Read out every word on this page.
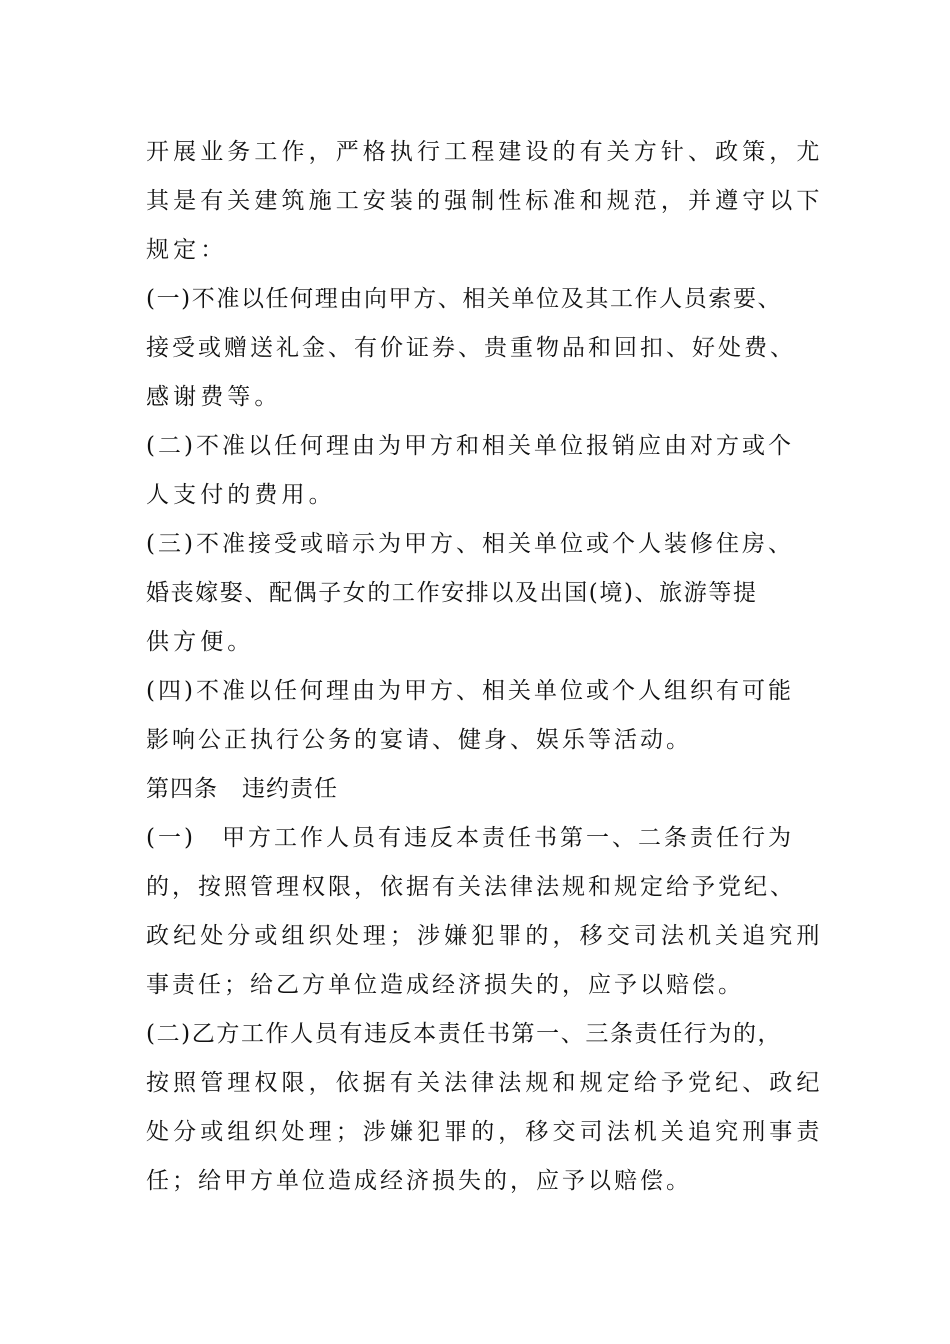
开展业务工作，严格执行工程建设的有关方针、政策，尤
其是有关建筑施工安装的强制性标准和规范，并遵守以下
规定：
(一)不准以任何理由向甲方、相关单位及其工作人员索要、
接受或赠送礼金、有价证券、贵重物品和回扣、好处费、
感谢费等。
(二)不准以任何理由为甲方和相关单位报销应由对方或个
人支付的费用。
(三)不准接受或暗示为甲方、相关单位或个人装修住房、
婚丧嫁娶、配偶子女的工作安排以及出国(境)、旅游等提
供方便。
(四)不准以任何理由为甲方、相关单位或个人组织有可能
影响公正执行公务的宴请、健身、娱乐等活动。
第四条　违约责任
(一)　甲方工作人员有违反本责任书第一、二条责任行为
的，按照管理权限，依据有关法律法规和规定给予党纪、
政纪处分或组织处理；涉嫌犯罪的，移交司法机关追究刑
事责任；给乙方单位造成经济损失的，应予以赔偿。
(二)乙方工作人员有违反本责任书第一、三条责任行为的，
按照管理权限，依据有关法律法规和规定给予党纪、政纪
处分或组织处理；涉嫌犯罪的，移交司法机关追究刑事责
任；给甲方单位造成经济损失的，应予以赔偿。
